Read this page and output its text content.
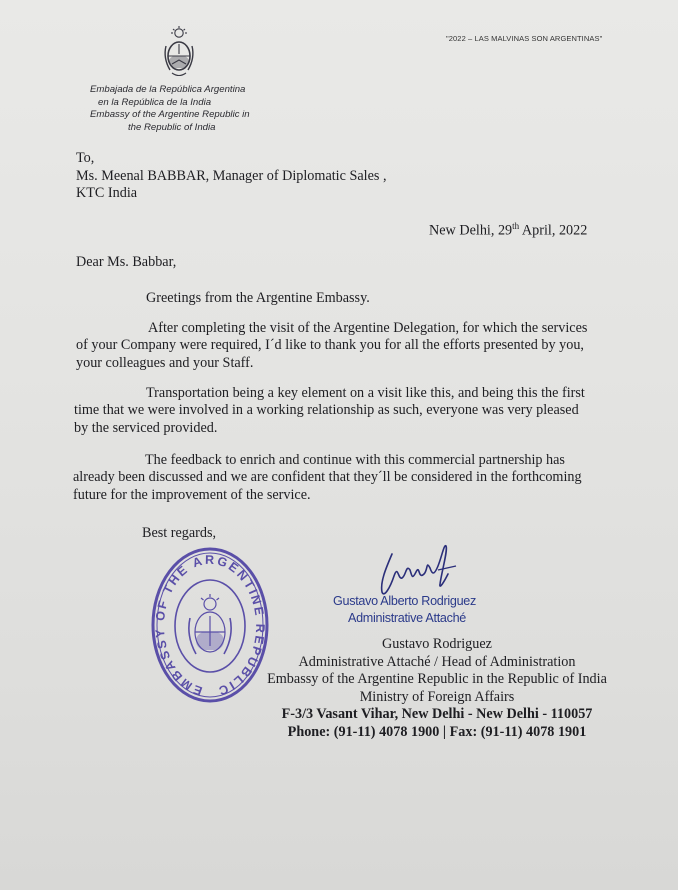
"2022 – LAS MALVINAS SON ARGENTINAS"
Embajada de la República Argentina
en la República de la India
Embassy of the Argentine Republic in
the Republic of India
To,
Ms. Meenal BABBAR, Manager of Diplomatic Sales ,
KTC India
New Delhi, 29th April, 2022
Dear Ms. Babbar,
Greetings from the Argentine Embassy.
After completing the visit of the Argentine Delegation, for which the services
of your Company were required, I´d like to thank you for all the efforts presented by you,
your colleagues and your Staff.
Transportation being a key element on a visit like this, and being this the first
time that we were involved in a working relationship as such, everyone was very pleased
by the serviced provided.
The feedback to enrich and continue with this commercial partnership has
already been discussed and we are confident that they´ll be considered in the forthcoming
future for the improvement of the service.
Best regards,
EMBASSY OF THE ARGENTINE REPUBLIC
Gustavo Alberto Rodriguez
Administrative Attaché
Gustavo Rodriguez
Administrative Attaché / Head of Administration
Embassy of the Argentine Republic in the Republic of India
Ministry of Foreign Affairs
F-3/3 Vasant Vihar, New Delhi - New Delhi - 110057
Phone: (91-11) 4078 1900 | Fax: (91-11) 4078 1901
